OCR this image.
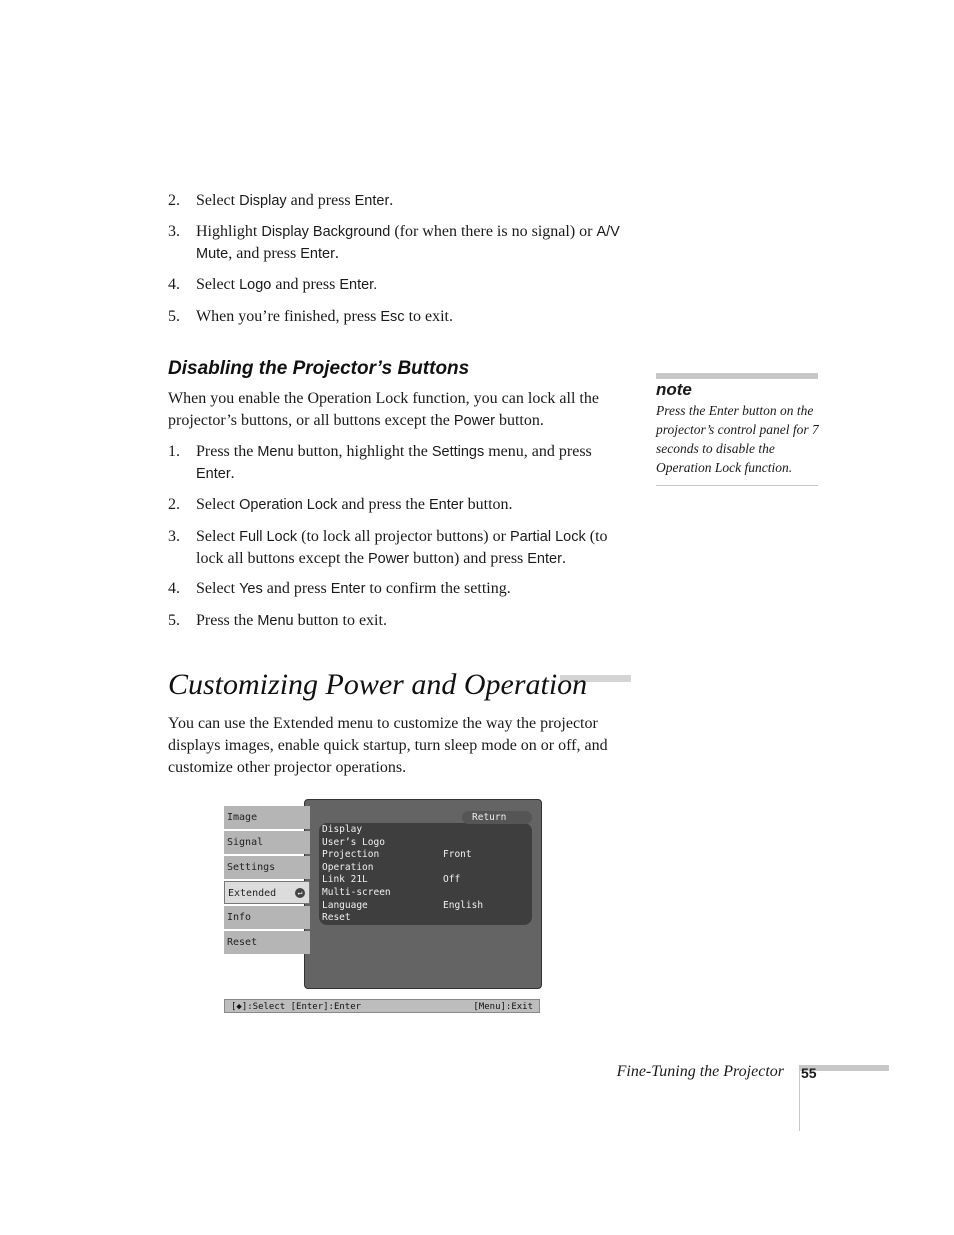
2. Select Display and press Enter.
3. Highlight Display Background (for when there is no signal) or A/V Mute, and press Enter.
4. Select Logo and press Enter.
5. When you’re finished, press Esc to exit.
Disabling the Projector’s Buttons

When you enable the Operation Lock function, you can lock all the projector’s buttons, or all buttons except the Power button.

1. Press the Menu button, highlight the Settings menu, and press Enter.
2. Select Operation Lock and press the Enter button.
3. Select Full Lock (to lock all projector buttons) or Partial Lock (to lock all buttons except the Power button) and press Enter.
4. Select Yes and press Enter to confirm the setting.
5. Press the Menu button to exit.
note

Press the Enter button on the projector’s control panel for 7 seconds to disable the Operation Lock function.

Customizing Power and Operation

You can use the Extended menu to customize the way the projector displays images, enable quick startup, turn sleep mode on or off, and customize other projector operations.

Return
Image
Signal
Settings
Extended	↵
Info
Reset
Display
User’s Logo
Projection	Front
Operation
Link 21L	Off
Multi-screen
Language	English
Reset
[◆]:Select [Enter]:Enter	[Menu]:Exit
Fine-Tuning the Projector 55
